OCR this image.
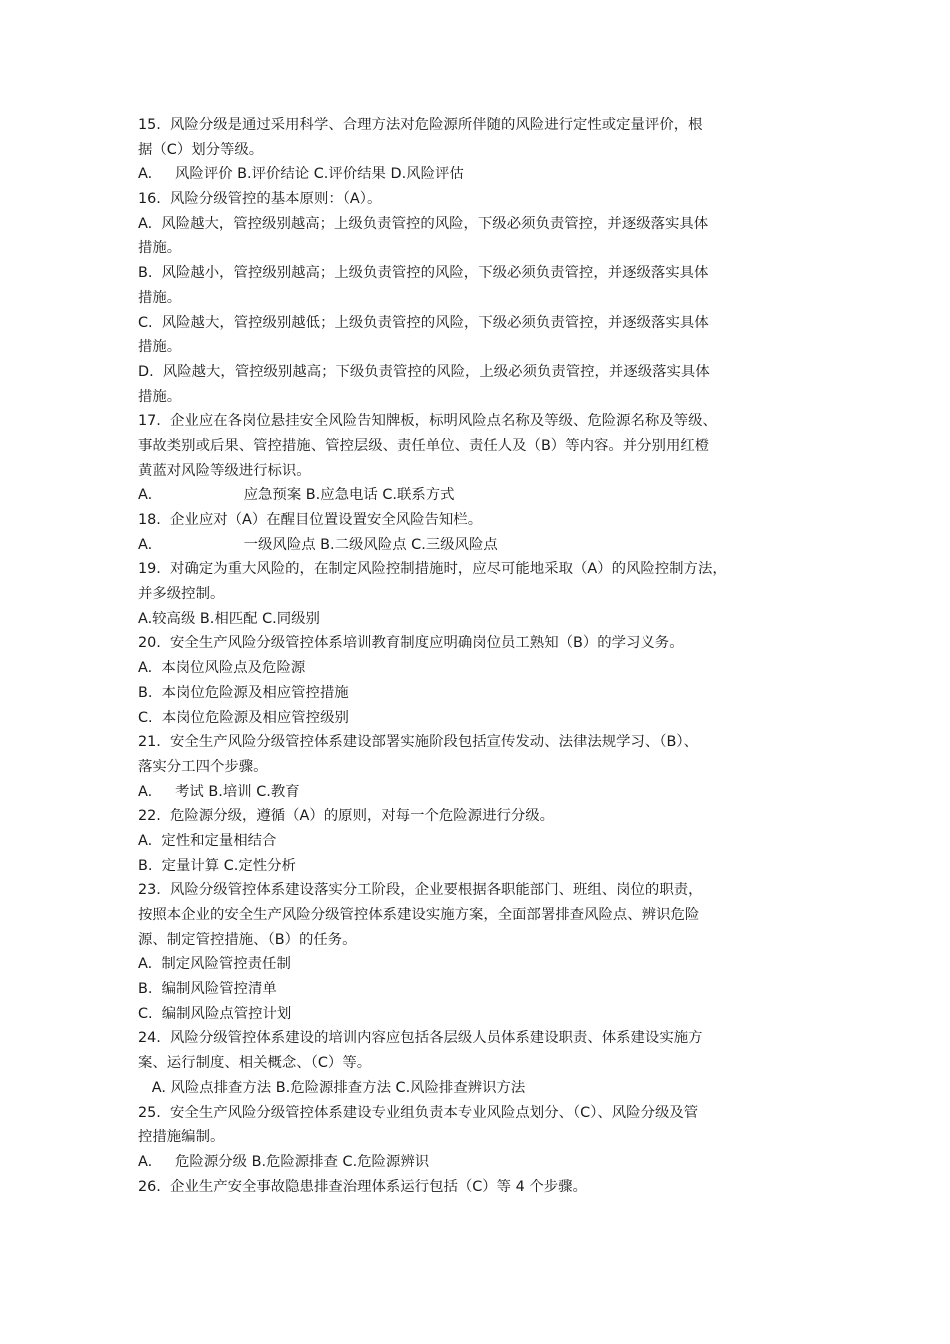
15.  风险分级是通过采用科学、合理方法对危险源所伴随的风险进行定性或定量评价，根
据（C）划分等级。
A.     风险评价 B.评价结论 C.评价结果 D.风险评估
16.  风险分级管控的基本原则：（A）。
A.  风险越大，管控级别越高；上级负责管控的风险，下级必须负责管控，并逐级落实具体
措施。
B.  风险越小，管控级别越高；上级负责管控的风险，下级必须负责管控，并逐级落实具体
措施。
C.  风险越大，管控级别越低；上级负责管控的风险，下级必须负责管控，并逐级落实具体
措施。
D.  风险越大，管控级别越高；下级负责管控的风险，上级必须负责管控，并逐级落实具体
措施。
17.  企业应在各岗位悬挂安全风险告知牌板，标明风险点名称及等级、危险源名称及等级、
事故类别或后果、管控措施、管控层级、责任单位、责任人及（B）等内容。并分别用红橙
黄蓝对风险等级进行标识。
A.                    应急预案 B.应急电话 C.联系方式
18.  企业应对（A）在醒目位置设置安全风险告知栏。
A.                    一级风险点 B.二级风险点 C.三级风险点
19.  对确定为重大风险的，在制定风险控制措施时，应尽可能地采取（A）的风险控制方法，
并多级控制。
A.较高级 B.相匹配 C.同级别
20.  安全生产风险分级管控体系培训教育制度应明确岗位员工熟知（B）的学习义务。
A.  本岗位风险点及危险源
B.  本岗位危险源及相应管控措施
C.  本岗位危险源及相应管控级别
21.  安全生产风险分级管控体系建设部署实施阶段包括宣传发动、法律法规学习、（B）、
落实分工四个步骤。
A.     考试 B.培训 C.教育
22.  危险源分级，遵循（A）的原则，对每一个危险源进行分级。
A.  定性和定量相结合
B.  定量计算 C.定性分析
23.  风险分级管控体系建设落实分工阶段，企业要根据各职能部门、班组、岗位的职责，
按照本企业的安全生产风险分级管控体系建设实施方案，全面部署排查风险点、辨识危险
源、制定管控措施、（B）的任务。
A.  制定风险管控责任制
B.  编制风险管控清单
C.  编制风险点管控计划
24.  风险分级管控体系建设的培训内容应包括各层级人员体系建设职责、体系建设实施方
案、运行制度、相关概念、（C）等。
A. 风险点排查方法 B.危险源排查方法 C.风险排查辨识方法
25.  安全生产风险分级管控体系建设专业组负责本专业风险点划分、（C）、风险分级及管
控措施编制。
A.     危险源分级 B.危险源排查 C.危险源辨识
26.  企业生产安全事故隐患排查治理体系运行包括（C）等 4 个步骤。
